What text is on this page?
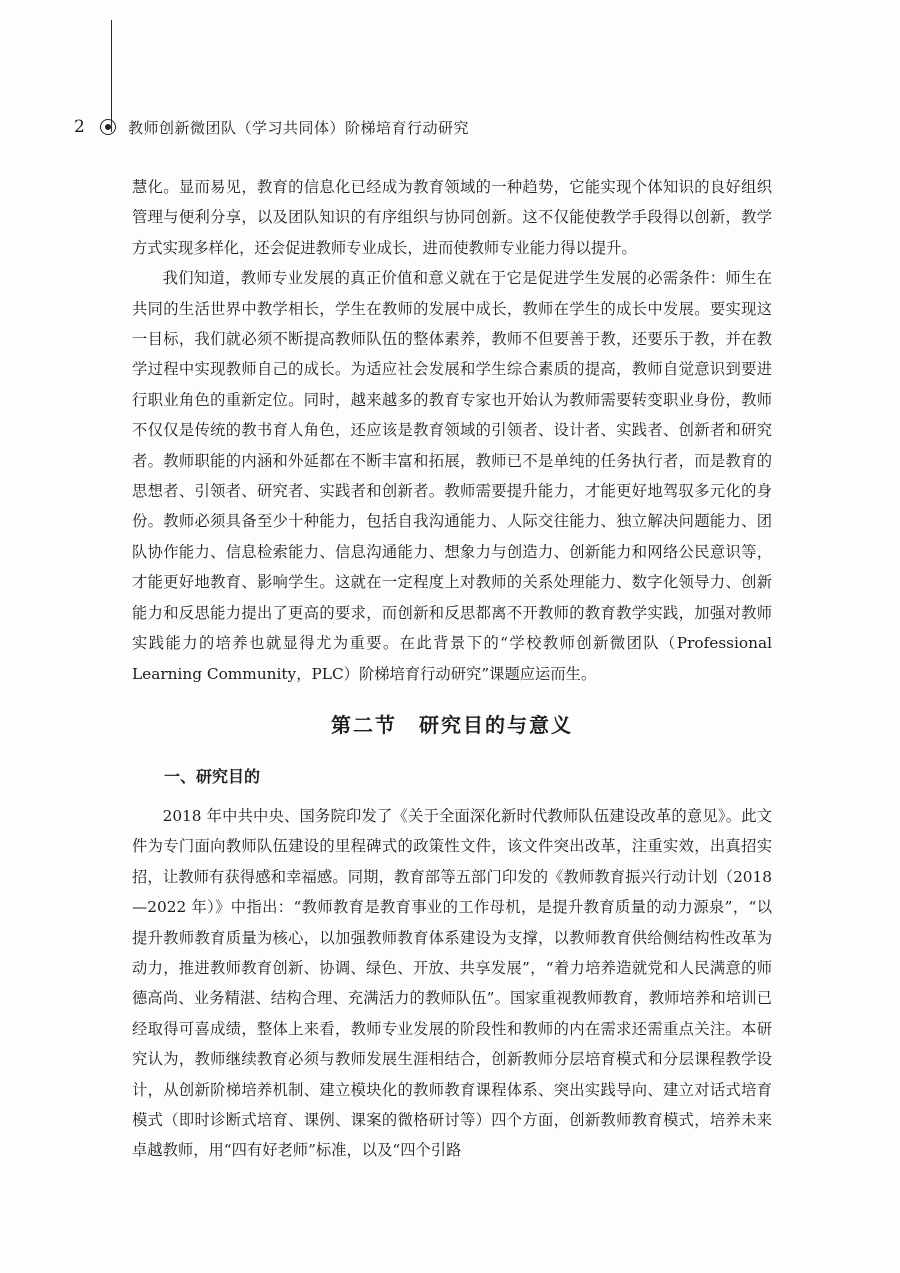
2	教师创新微团队（学习共同体）阶梯培育行动研究

慧化。显而易见，教育的信息化已经成为教育领域的一种趋势，它能实现个体知识的良好组织管理与便利分享，以及团队知识的有序组织与协同创新。这不仅能使教学手段得以创新，教学方式实现多样化，还会促进教师专业成长，进而使教师专业能力得以提升。

我们知道，教师专业发展的真正价值和意义就在于它是促进学生发展的必需条件：师生在共同的生活世界中教学相长，学生在教师的发展中成长，教师在学生的成长中发展。要实现这一目标，我们就必须不断提高教师队伍的整体素养，教师不但要善于教，还要乐于教，并在教学过程中实现教师自己的成长。为适应社会发展和学生综合素质的提高，教师自觉意识到要进行职业角色的重新定位。同时，越来越多的教育专家也开始认为教师需要转变职业身份，教师不仅仅是传统的教书育人角色，还应该是教育领域的引领者、设计者、实践者、创新者和研究者。教师职能的内涵和外延都在不断丰富和拓展，教师已不是单纯的任务执行者，而是教育的思想者、引领者、研究者、实践者和创新者。教师需要提升能力，才能更好地驾驭多元化的身份。教师必须具备至少十种能力，包括自我沟通能力、人际交往能力、独立解决问题能力、团队协作能力、信息检索能力、信息沟通能力、想象力与创造力、创新能力和网络公民意识等，才能更好地教育、影响学生。这就在一定程度上对教师的关系处理能力、数字化领导力、创新能力和反思能力提出了更高的要求，而创新和反思都离不开教师的教育教学实践，加强对教师实践能力的培养也就显得尤为重要。在此背景下的“学校教师创新微团队（Professional Learning Community，PLC）阶梯培育行动研究”课题应运而生。

第二节　研究目的与意义
一、研究目的

2018 年中共中央、国务院印发了《关于全面深化新时代教师队伍建设改革的意见》。此文件为专门面向教师队伍建设的里程碑式的政策性文件，该文件突出改革，注重实效，出真招实招，让教师有获得感和幸福感。同期，教育部等五部门印发的《教师教育振兴行动计划（2018—2022 年）》中指出：“教师教育是教育事业的工作母机，是提升教育质量的动力源泉”，“以提升教师教育质量为核心，以加强教师教育体系建设为支撑，以教师教育供给侧结构性改革为动力，推进教师教育创新、协调、绿色、开放、共享发展”，“着力培养造就党和人民满意的师德高尚、业务精湛、结构合理、充满活力的教师队伍”。国家重视教师教育，教师培养和培训已经取得可喜成绩，整体上来看，教师专业发展的阶段性和教师的内在需求还需重点关注。本研究认为，教师继续教育必须与教师发展生涯相结合，创新教师分层培育模式和分层课程教学设计，从创新阶梯培养机制、建立模块化的教师教育课程体系、突出实践导向、建立对话式培育模式（即时诊断式培育、课例、课案的微格研讨等）四个方面，创新教师教育模式，培养未来卓越教师，用“四有好老师”标准，以及“四个引路
